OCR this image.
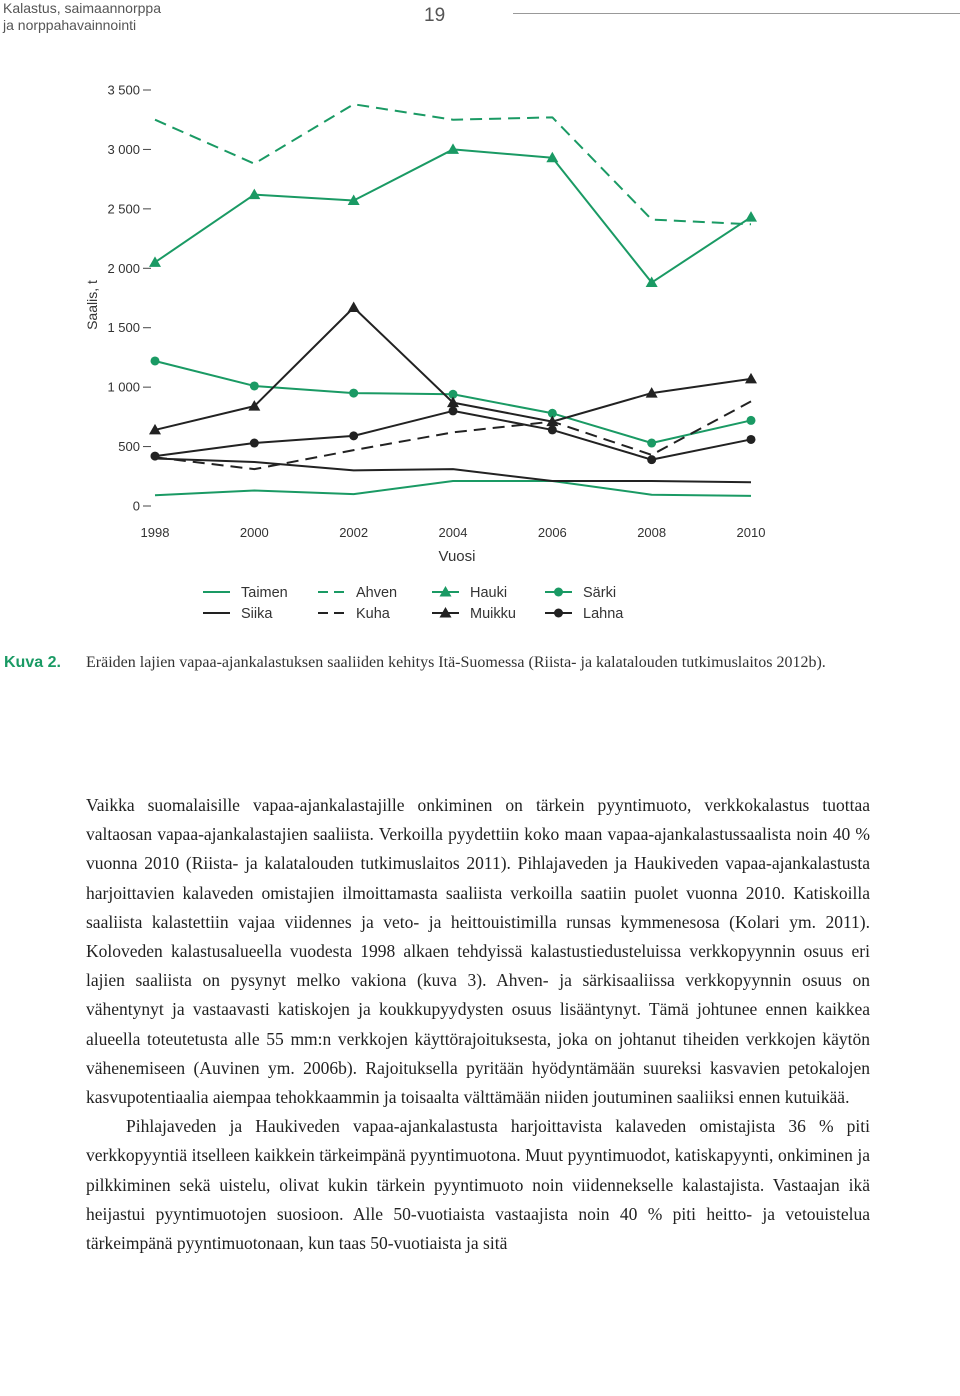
Kalastus, saimaannorppa
ja norppahavainnointi	19
0
500
1 000
1 500
2 000
2 500
3 000
3 500
Saalis, t
1998	2000	2002	2004	2006	2008	2010
Vuosi
Taimen	Ahven	Hauki	Särki
Siika	Kuha	Muikku	Lahna
Kuva 2. Eräiden lajien vapaa-ajankalastuksen saaliiden kehitys Itä-Suomessa (Riista- ja kalatalouden tutkimuslaitos 2012b).

Vaikka suomalaisille vapaa-ajankalastajille onkiminen on tärkein pyyntimuoto, verkkokalastus tuottaa valtaosan vapaa-ajankalastajien saaliista. Verkoilla pyydettiin koko maan vapaa-ajankalastussaalista noin 40 % vuonna 2010 (Riista- ja kalatalouden tutkimuslaitos 2011). Pihlajaveden ja Haukiveden vapaa-ajankalastusta harjoittavien kalaveden omistajien ilmoittamasta saaliista verkoilla saatiin puolet vuonna 2010. Katiskoilla saaliista kalastettiin vajaa viidennes ja veto- ja heittouistimilla runsas kymmenesosa (Kolari ym. 2011). Koloveden kalastusalueella vuodesta 1998 alkaen tehdyissä kalastustiedusteluissa verkkopyynnin osuus eri lajien saaliista on pysynyt melko vakiona (kuva 3). Ahven- ja särkisaaliissa verkkopyynnin osuus on vähentynyt ja vastaavasti katiskojen ja koukkupyydysten osuus lisääntynyt. Tämä johtunee ennen kaikkea alueella toteutetusta alle 55 mm:n verkkojen käyttörajoituksesta, joka on johtanut tiheiden verkkojen käytön vähenemiseen (Auvinen ym. 2006b). Rajoituksella pyritään hyödyntämään suureksi kasvavien petokalojen kasvupotentiaalia aiempaa tehokkaammin ja toisaalta välttämään niiden joutuminen saaliiksi ennen kutuikää.

Pihlajaveden ja Haukiveden vapaa-ajankalastusta harjoittavista kalaveden omistajista 36 % piti verkkopyyntiä itselleen kaikkein tärkeimpänä pyyntimuotona. Muut pyyntimuodot, katiskapyynti, onkiminen ja pilkkiminen sekä uistelu, olivat kukin tärkein pyyntimuoto noin viidennekselle kalastajista. Vastaajan ikä heijastui pyyntimuotojen suosioon. Alle 50-vuotiaista vastaajista noin 40 % piti heitto- ja vetouistelua tärkeimpänä pyyntimuotonaan, kun taas 50-vuotiaista ja sitä
